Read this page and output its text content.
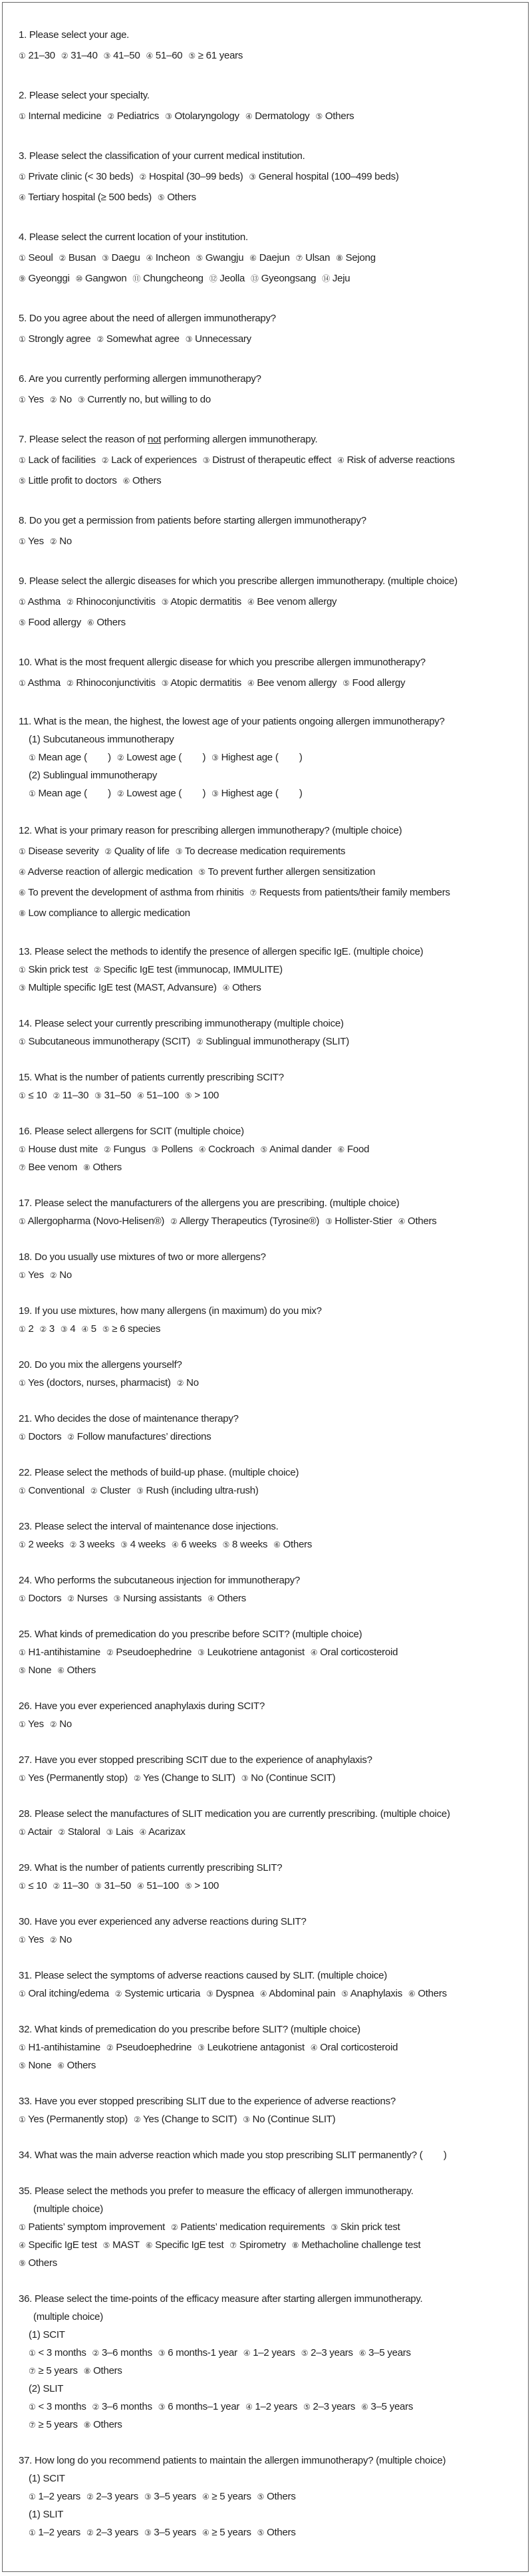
1. Please select your age.
① 21–30 ② 31–40 ③ 41–50 ④ 51–60 ⑤ ≥ 61 years
2. Please select your specialty.
① Internal medicine ② Pediatrics ③ Otolaryngology ④ Dermatology ⑤ Others
3. Please select the classification of your current medical institution.
① Private clinic (< 30 beds) ② Hospital (30–99 beds) ③ General hospital (100–499 beds)
④ Tertiary hospital (≥ 500 beds) ⑤ Others
4. Please select the current location of your institution.
① Seoul ② Busan ③ Daegu ④ Incheon ⑤ Gwangju ⑥ Daejun ⑦ Ulsan ⑧ Sejong
⑨ Gyeonggi ⑩ Gangwon ⑪ Chungcheong ⑫ Jeolla ⑬ Gyeongsang ⑭ Jeju
5. Do you agree about the need of allergen immunotherapy?
① Strongly agree ② Somewhat agree ③ Unnecessary
6. Are you currently performing allergen immunotherapy?
① Yes ② No ③ Currently no, but willing to do
7. Please select the reason of not performing allergen immunotherapy.
① Lack of facilities ② Lack of experiences ③ Distrust of therapeutic effect ④ Risk of adverse reactions
⑤ Little profit to doctors ⑥ Others
8. Do you get a permission from patients before starting allergen immunotherapy?
① Yes ② No
9. Please select the allergic diseases for which you prescribe allergen immunotherapy. (multiple choice)
① Asthma ② Rhinoconjunctivitis ③ Atopic dermatitis ④ Bee venom allergy
⑤ Food allergy ⑥ Others
10. What is the most frequent allergic disease for which you prescribe allergen immunotherapy?
① Asthma ② Rhinoconjunctivitis ③ Atopic dermatitis ④ Bee venom allergy ⑤ Food allergy
11. What is the mean, the highest, the lowest age of your patients ongoing allergen immunotherapy?
(1) Subcutaneous immunotherapy
① Mean age (        ) ② Lowest age (        ) ③ Highest age (        )
(2) Sublingual immunotherapy
① Mean age (        ) ② Lowest age (        ) ③ Highest age (        )
12. What is your primary reason for prescribing allergen immunotherapy? (multiple choice)
① Disease severity ② Quality of life ③ To decrease medication requirements
④ Adverse reaction of allergic medication ⑤ To prevent further allergen sensitization
⑥ To prevent the development of asthma from rhinitis ⑦ Requests from patients/their family members
⑧ Low compliance to allergic medication
13. Please select the methods to identify the presence of allergen specific IgE. (multiple choice)
① Skin prick test ② Specific IgE test (immunocap, IMMULITE)
③ Multiple specific IgE test (MAST, Advansure) ④ Others
14. Please select your currently prescribing immunotherapy (multiple choice)
① Subcutaneous immunotherapy (SCIT) ② Sublingual immunotherapy (SLIT)
15. What is the number of patients currently prescribing SCIT?
① ≤ 10 ② 11–30 ③ 31–50 ④ 51–100 ⑤ > 100
16. Please select allergens for SCIT (multiple choice)
① House dust mite ② Fungus ③ Pollens ④ Cockroach ⑤ Animal dander ⑥ Food
⑦ Bee venom ⑧ Others
17. Please select the manufacturers of the allergens you are prescribing. (multiple choice)
① Allergopharma (Novo-Helisen®) ② Allergy Therapeutics (Tyrosine®) ③ Hollister-Stier ④ Others
18. Do you usually use mixtures of two or more allergens?
① Yes ② No
19. If you use mixtures, how many allergens (in maximum) do you mix?
① 2 ② 3 ③ 4 ④ 5 ⑤ ≥ 6 species
20. Do you mix the allergens yourself?
① Yes (doctors, nurses, pharmacist) ② No
21. Who decides the dose of maintenance therapy?
① Doctors ② Follow manufactures’ directions
22. Please select the methods of build-up phase. (multiple choice)
① Conventional ② Cluster ③ Rush (including ultra-rush)
23. Please select the interval of maintenance dose injections.
① 2 weeks ② 3 weeks ③ 4 weeks ④ 6 weeks ⑤ 8 weeks ⑥ Others
24. Who performs the subcutaneous injection for immunotherapy?
① Doctors ② Nurses ③ Nursing assistants ④ Others
25. What kinds of premedication do you prescribe before SCIT? (multiple choice)
① H1-antihistamine ② Pseudoephedrine ③ Leukotriene antagonist ④ Oral corticosteroid
⑤ None ⑥ Others
26. Have you ever experienced anaphylaxis during SCIT?
① Yes ② No
27. Have you ever stopped prescribing SCIT due to the experience of anaphylaxis?
① Yes (Permanently stop) ② Yes (Change to SLIT) ③ No (Continue SCIT)
28. Please select the manufactures of SLIT medication you are currently prescribing. (multiple choice)
① Actair ② Staloral ③ Lais ④ Acarizax
29. What is the number of patients currently prescribing SLIT?
① ≤ 10 ② 11–30 ③ 31–50 ④ 51–100 ⑤ > 100
30. Have you ever experienced any adverse reactions during SLIT?
① Yes ② No
31. Please select the symptoms of adverse reactions caused by SLIT. (multiple choice)
① Oral itching/edema ② Systemic urticaria ③ Dyspnea ④ Abdominal pain ⑤ Anaphylaxis ⑥ Others
32. What kinds of premedication do you prescribe before SLIT? (multiple choice)
① H1-antihistamine ② Pseudoephedrine ③ Leukotriene antagonist ④ Oral corticosteroid
⑤ None ⑥ Others
33. Have you ever stopped prescribing SLIT due to the experience of adverse reactions?
① Yes (Permanently stop) ② Yes (Change to SCIT) ③ No (Continue SLIT)
34. What was the main adverse reaction which made you stop prescribing SLIT permanently? (        )
35. Please select the methods you prefer to measure the efficacy of allergen immunotherapy.
(multiple choice)
① Patients’ symptom improvement ② Patients’ medication requirements ③ Skin prick test
④ Specific IgE test ⑤ MAST ⑥ Specific IgE test ⑦ Spirometry ⑧ Methacholine challenge test
⑨ Others
36. Please select the time-points of the efficacy measure after starting allergen immunotherapy.
(multiple choice)
(1) SCIT
① < 3 months ② 3–6 months ③ 6 months-1 year ④ 1–2 years ⑤ 2–3 years ⑥ 3–5 years
⑦ ≥ 5 years ⑧ Others
(2) SLIT
① < 3 months ② 3–6 months ③ 6 months–1 year ④ 1–2 years ⑤ 2–3 years ⑥ 3–5 years
⑦ ≥ 5 years ⑧ Others
37. How long do you recommend patients to maintain the allergen immunotherapy? (multiple choice)
(1) SCIT
① 1–2 years ② 2–3 years ③ 3–5 years ④ ≥ 5 years ⑤ Others
(1) SLIT
① 1–2 years ② 2–3 years ③ 3–5 years ④ ≥ 5 years ⑤ Others
